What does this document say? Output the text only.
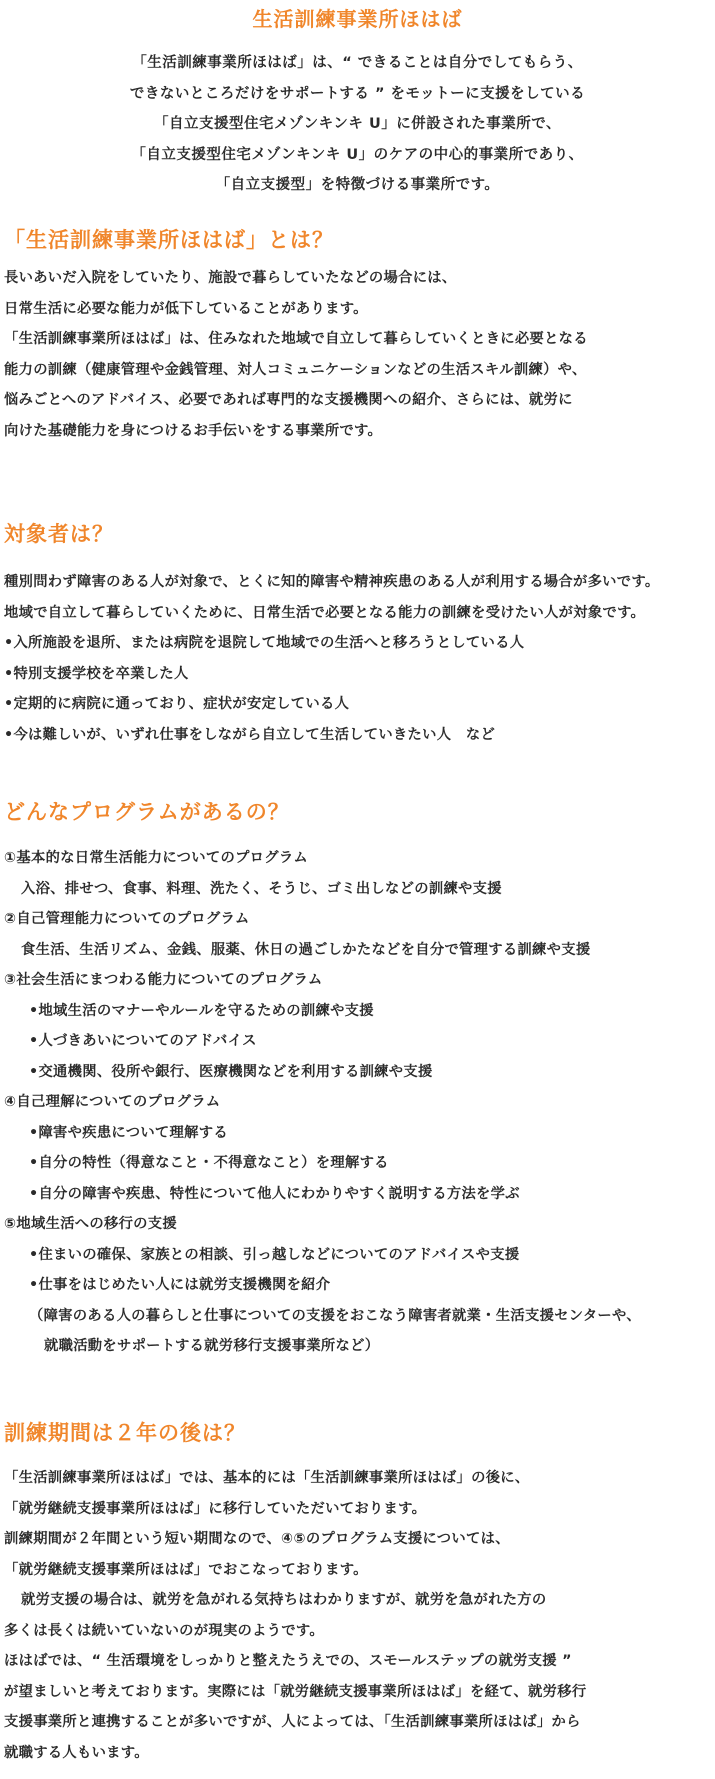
生活訓練事業所ほはば
「生活訓練事業所ほはば」は、“ できることは自分でしてもらう、
できないところだけをサポートする ” をモットーに支援をしている
「自立支援型住宅メゾンキンキ U」に併設された事業所で、
「自立支援型住宅メゾンキンキ U」のケアの中心的事業所であり、
「自立支援型」を特徴づける事業所です。
「生活訓練事業所ほはば」とは？
長いあいだ入院をしていたり、施設で暮らしていたなどの場合には、
日常生活に必要な能力が低下していることがあります。
「生活訓練事業所ほはば」は、住みなれた地域で自立して暮らしていくときに必要となる
能力の訓練（健康管理や金銭管理、対人コミュニケーションなどの生活スキル訓練）や、
悩みごとへのアドバイス、必要であれば専門的な支援機関への紹介、さらには、就労に
向けた基礎能力を身につけるお手伝いをする事業所です。
対象者は？
種別問わず障害のある人が対象で、とくに知的障害や精神疾患のある人が利用する場合が多いです。
地域で自立して暮らしていくために、日常生活で必要となる能力の訓練を受けたい人が対象です。
•入所施設を退所、または病院を退院して地域での生活へと移ろうとしている人
•特別支援学校を卒業した人
•定期的に病院に通っており、症状が安定している人
•今は難しいが、いずれ仕事をしながら自立して生活していきたい人　など
どんなプログラムがあるの？
①基本的な日常生活能力についてのプログラム
入浴、排せつ、食事、料理、洗たく、そうじ、ゴミ出しなどの訓練や支援
②自己管理能力についてのプログラム
食生活、生活リズム、金銭、服薬、休日の過ごしかたなどを自分で管理する訓練や支援
③社会生活にまつわる能力についてのプログラム
•地域生活のマナーやルールを守るための訓練や支援
•人づきあいについてのアドバイス
•交通機関、役所や銀行、医療機関などを利用する訓練や支援
④自己理解についてのプログラム
•障害や疾患について理解する
•自分の特性（得意なこと・不得意なこと）を理解する
•自分の障害や疾患、特性について他人にわかりやすく説明する方法を学ぶ
⑤地域生活への移行の支援
•住まいの確保、家族との相談、引っ越しなどについてのアドバイスや支援
•仕事をはじめたい人には就労支援機関を紹介
（障害のある人の暮らしと仕事についての支援をおこなう障害者就業・生活支援センターや、
就職活動をサポートする就労移行支援事業所など）
訓練期間は２年の後は？
「生活訓練事業所ほはば」では、基本的には「生活訓練事業所ほはば」の後に、
「就労継続支援事業所ほはば」に移行していただいております。
訓練期間が２年間という短い期間なので、④⑤のプログラム支援については、
「就労継続支援事業所ほはば」でおこなっております。
就労支援の場合は、就労を急がれる気持ちはわかりますが、就労を急がれた方の
多くは長くは続いていないのが現実のようです。
ほはばでは、“ 生活環境をしっかりと整えたうえでの、スモールステップの就労支援 ”
が望ましいと考えております。実際には「就労継続支援事業所ほはば」を経て、就労移行
支援事業所と連携することが多いですが、人によっては、「生活訓練事業所ほはば」から
就職する人もいます。
